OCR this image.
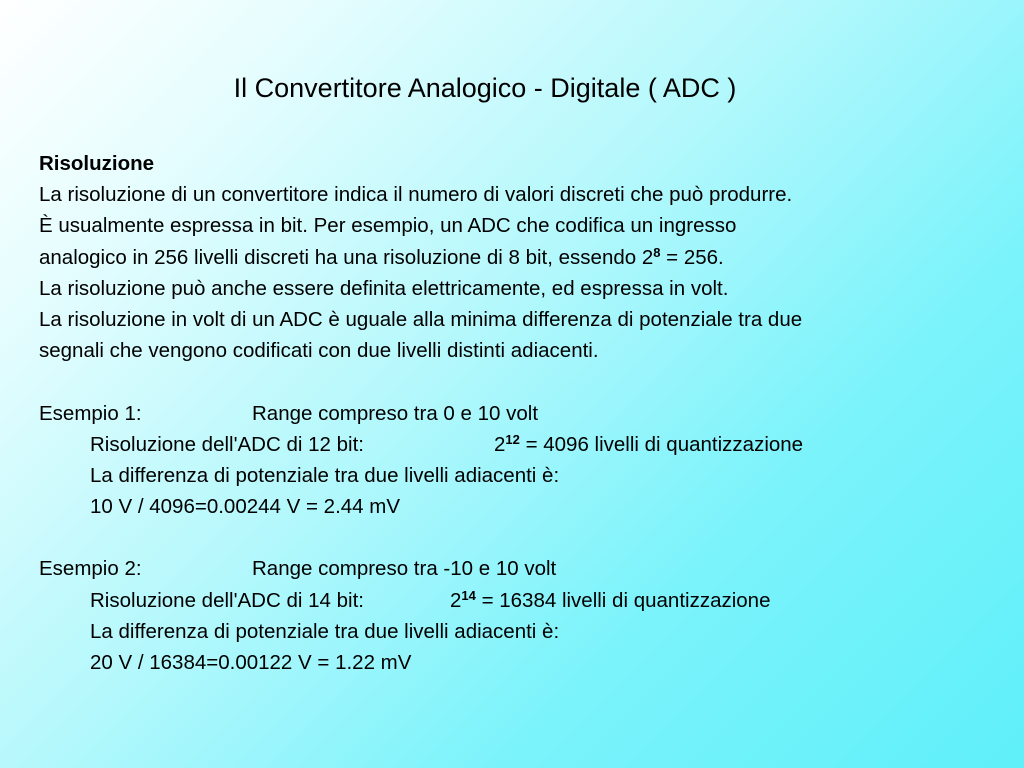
Il Convertitore Analogico - Digitale ( ADC )
Risoluzione
La risoluzione di un convertitore indica il numero di valori discreti che può produrre.
È usualmente espressa in bit. Per esempio, un ADC che codifica un ingresso
analogico in 256 livelli discreti ha una risoluzione di 8 bit, essendo $2^8 = 256$.
La risoluzione può anche essere definita elettricamente, ed espressa in volt.
La risoluzione in volt di un ADC è uguale alla minima differenza di potenziale tra due
segnali che vengono codificati con due livelli distinti adiacenti.
Esempio 1:	Range compreso tra 0 e 10 volt
Risoluzione dell'ADC di 12 bit:	$2^{12} = 4096$ livelli di quantizzazione
La differenza di potenziale tra due livelli adiacenti è:
10 V / 4096=0.00244 V = 2.44 mV
Esempio 2:	Range compreso tra -10 e 10 volt
Risoluzione dell'ADC di 14 bit:	$2^{14} = 16384$ livelli di quantizzazione
La differenza di potenziale tra due livelli adiacenti è:
20 V / 16384=0.00122 V = 1.22 mV
